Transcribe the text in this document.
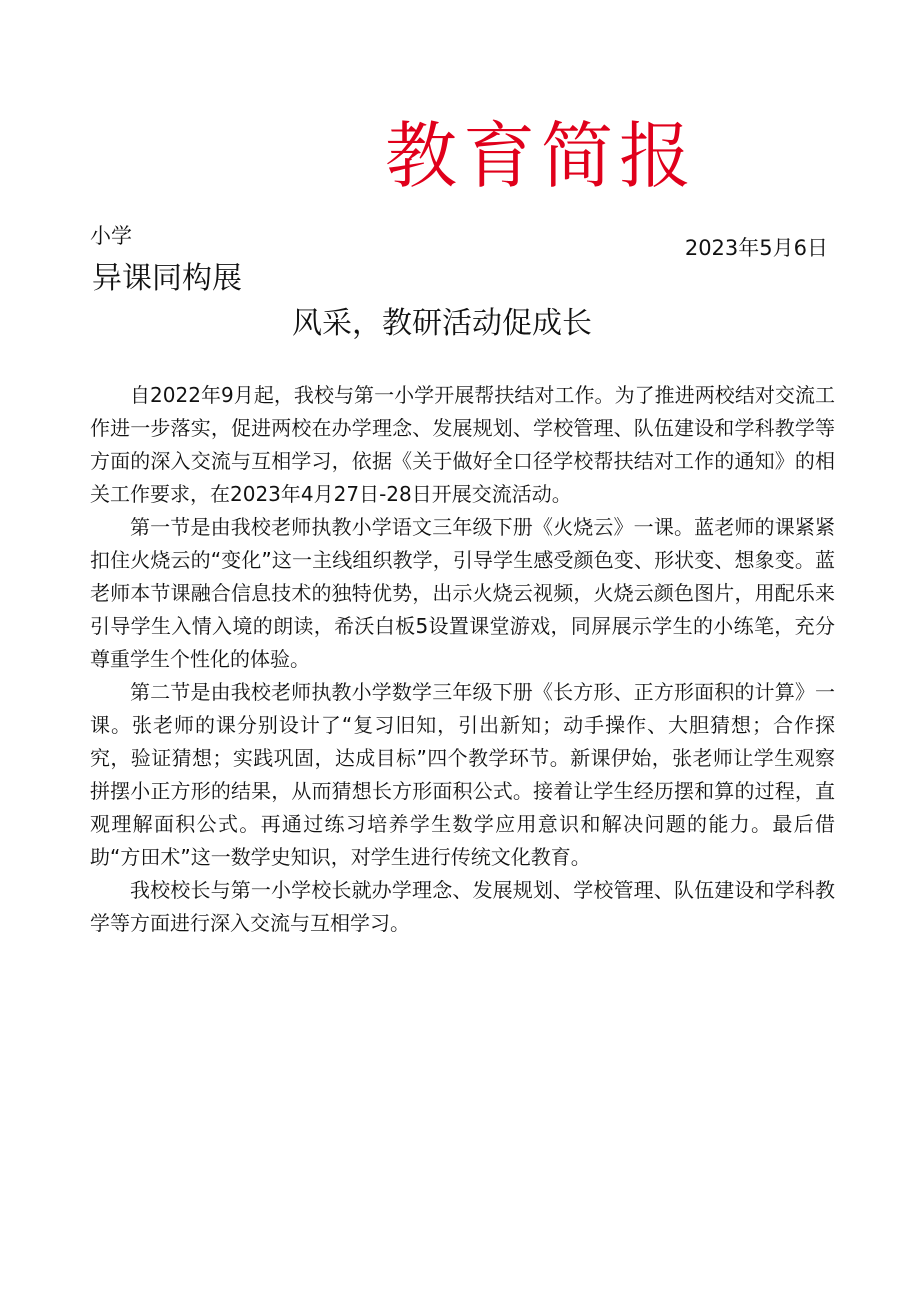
教育简报
小学	2023年5月6日
异课同构展
风采，教研活动促成长

自2022年9月起，我校与第一小学开展帮扶结对工作。为了推进两校结对交流工作进一步落实，促进两校在办学理念、发展规划、学校管理、队伍建设和学科教学等方面的深入交流与互相学习，依据《关于做好全口径学校帮扶结对工作的通知》的相关工作要求，在2023年4月27日-28日开展交流活动。

第一节是由我校老师执教小学语文三年级下册《火烧云》一课。蓝老师的课紧紧扣住火烧云的“变化”这一主线组织教学，引导学生感受颜色变、形状变、想象变。蓝老师本节课融合信息技术的独特优势，出示火烧云视频，火烧云颜色图片，用配乐来引导学生入情入境的朗读，希沃白板5设置课堂游戏，同屏展示学生的小练笔，充分尊重学生个性化的体验。

第二节是由我校老师执教小学数学三年级下册《长方形、正方形面积的计算》一课。张老师的课分别设计了“复习旧知，引出新知；动手操作、大胆猜想；合作探究，验证猜想；实践巩固，达成目标”四个教学环节。新课伊始，张老师让学生观察拼摆小正方形的结果，从而猜想长方形面积公式。接着让学生经历摆和算的过程，直观理解面积公式。再通过练习培养学生数学应用意识和解决问题的能力。最后借助“方田术”这一数学史知识，对学生进行传统文化教育。

我校校长与第一小学校长就办学理念、发展规划、学校管理、队伍建设和学科教学等方面进行深入交流与互相学习。
